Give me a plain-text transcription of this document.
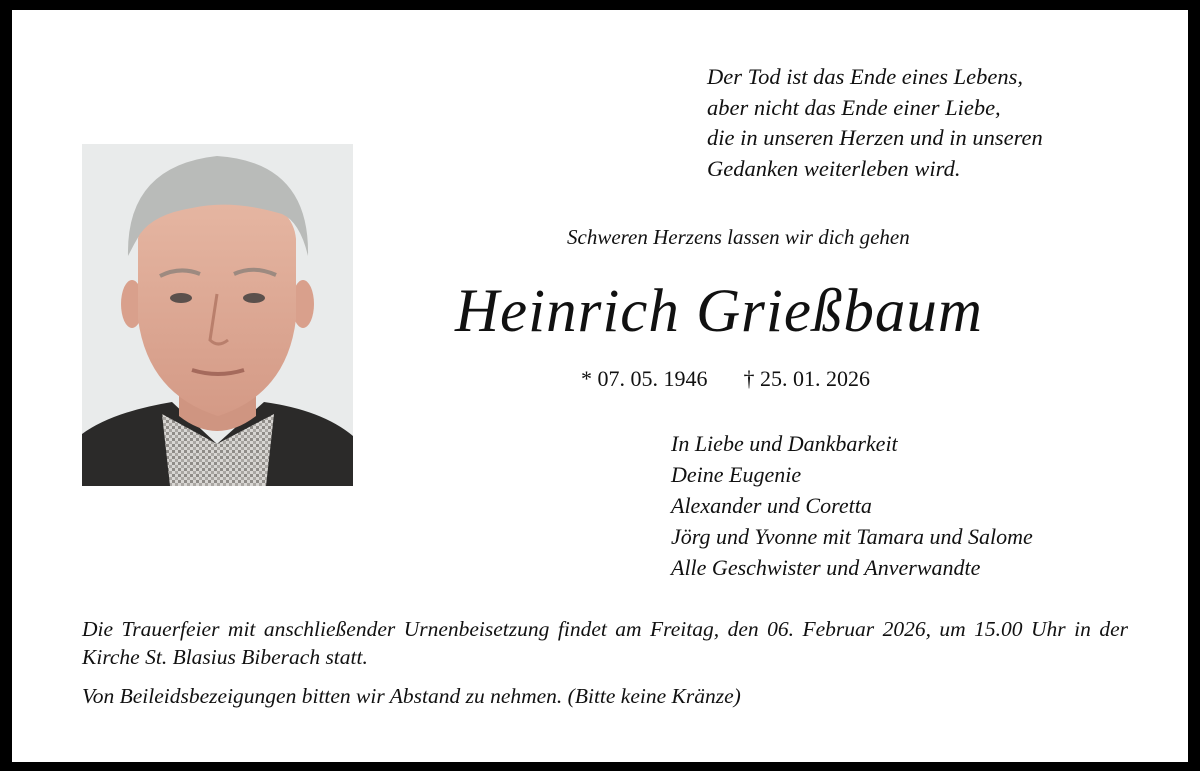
Der Tod ist das Ende eines Lebens,
aber nicht das Ende einer Liebe,
die in unseren Herzen und in unseren
Gedanken weiterleben wird.

Schweren Herzens lassen wir dich gehen
Heinrich Grießbaum
* 07. 05. 1946 † 25. 01. 2026

In Liebe und Dankbarkeit
Deine Eugenie
Alexander und Coretta
Jörg und Yvonne mit Tamara und Salome
Alle Geschwister und Anverwandte

Die Trauerfeier mit anschließender Urnenbeisetzung findet am Freitag, den 06. Februar 2026, um 15.00 Uhr in der Kirche St. Blasius Biberach statt.

Von Beileidsbezeigungen bitten wir Abstand zu nehmen. (Bitte keine Kränze)
